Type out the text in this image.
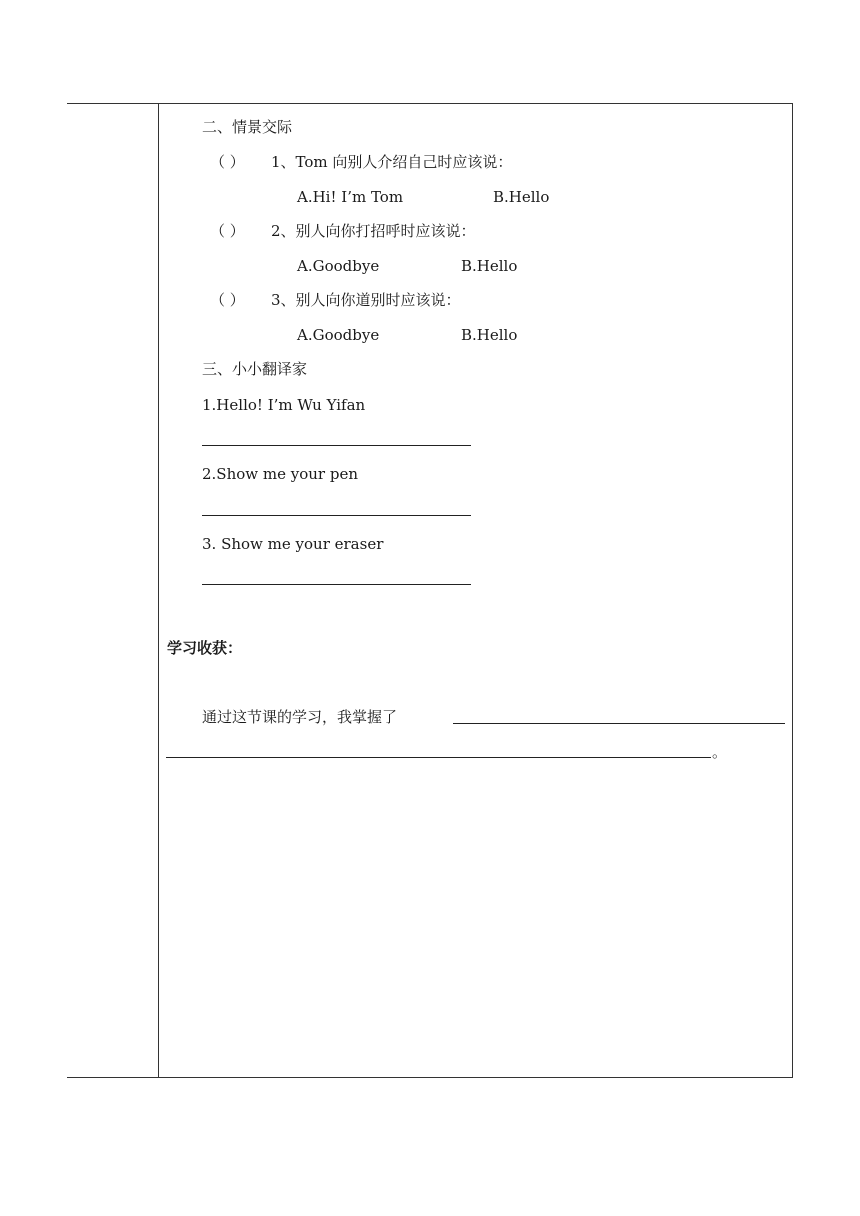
二、情景交际
（ ） 1、Tom 向别人介绍自己时应该说：
A.Hi! I’m Tom	B.Hello
（ ） 2、别人向你打招呼时应该说：
A.Goodbye	B.Hello
（ ） 3、别人向你道别时应该说：
A.Goodbye	B.Hello
三、小小翻译家
1.Hello! I’m Wu Yifan
2.Show me your pen
3. Show me your eraser
学习收获：
通过这节课的学习，我掌握了
。
